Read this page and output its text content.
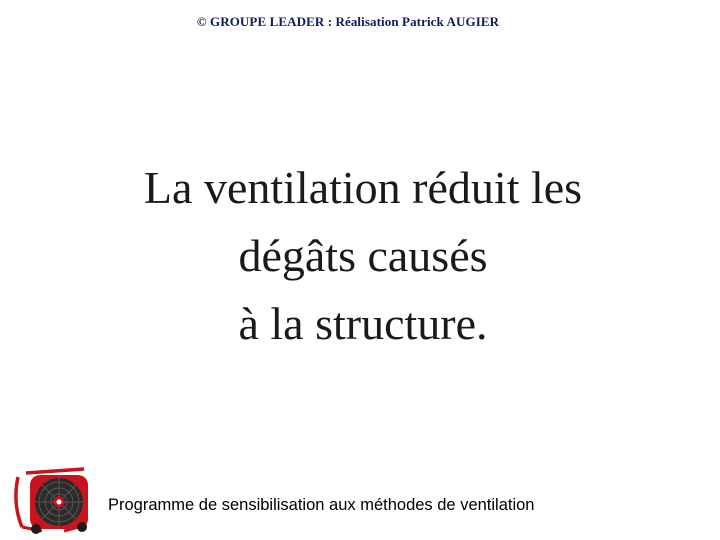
© GROUPE LEADER : Réalisation Patrick AUGIER
La ventilation réduit les
dégâts causés
à la structure.
Programme de sensibilisation aux méthodes de ventilation
